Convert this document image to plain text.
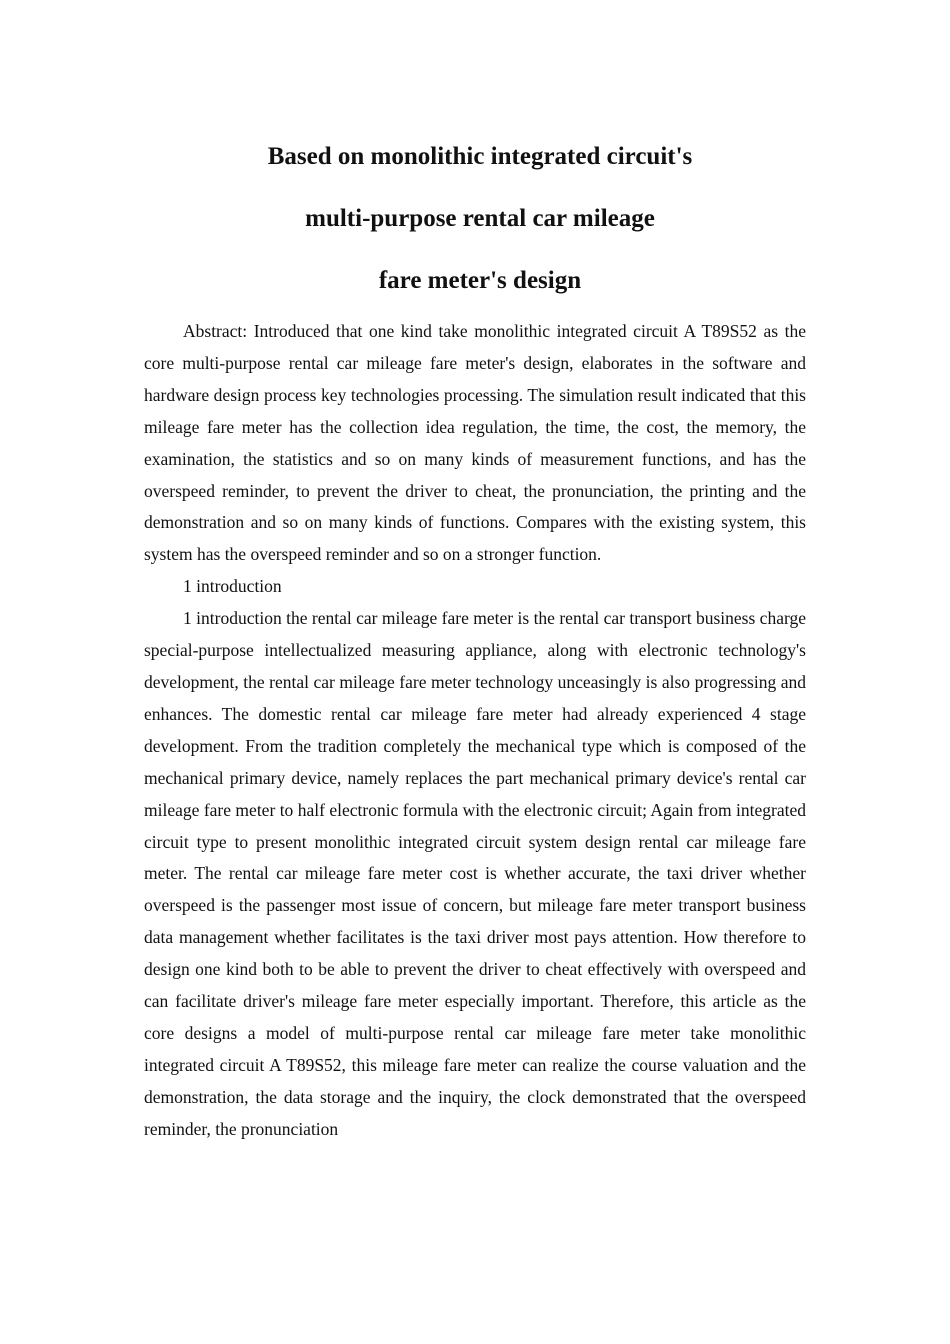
Based on monolithic integrated circuit's
multi-purpose rental car mileage
fare meter's design

Abstract: Introduced that one kind take monolithic integrated circuit A T89S52 as the core multi-purpose rental car mileage fare meter's design, elaborates in the software and hardware design process key technologies processing. The simulation result indicated that this mileage fare meter has the collection idea regulation, the time, the cost, the memory, the examination, the statistics and so on many kinds of measurement functions, and has the overspeed reminder, to prevent the driver to cheat, the pronunciation, the printing and the demonstration and so on many kinds of functions. Compares with the existing system, this system has the overspeed reminder and so on a stronger function.

1 introduction

1 introduction the rental car mileage fare meter is the rental car transport business charge special-purpose intellectualized measuring appliance, along with electronic technology's development, the rental car mileage fare meter technology unceasingly is also progressing and enhances. The domestic rental car mileage fare meter had already experienced 4 stage development. From the tradition completely the mechanical type which is composed of the mechanical primary device, namely replaces the part mechanical primary device's rental car mileage fare meter to half electronic formula with the electronic circuit; Again from integrated circuit type to present monolithic integrated circuit system design rental car mileage fare meter. The rental car mileage fare meter cost is whether accurate, the taxi driver whether overspeed is the passenger most issue of concern, but mileage fare meter transport business data management whether facilitates is the taxi driver most pays attention. How therefore to design one kind both to be able to prevent the driver to cheat effectively with overspeed and can facilitate driver's mileage fare meter especially important. Therefore, this article as the core designs a model of multi-purpose rental car mileage fare meter take monolithic integrated circuit A T89S52, this mileage fare meter can realize the course valuation and the demonstration, the data storage and the inquiry, the clock demonstrated that the overspeed reminder, the pronunciation
